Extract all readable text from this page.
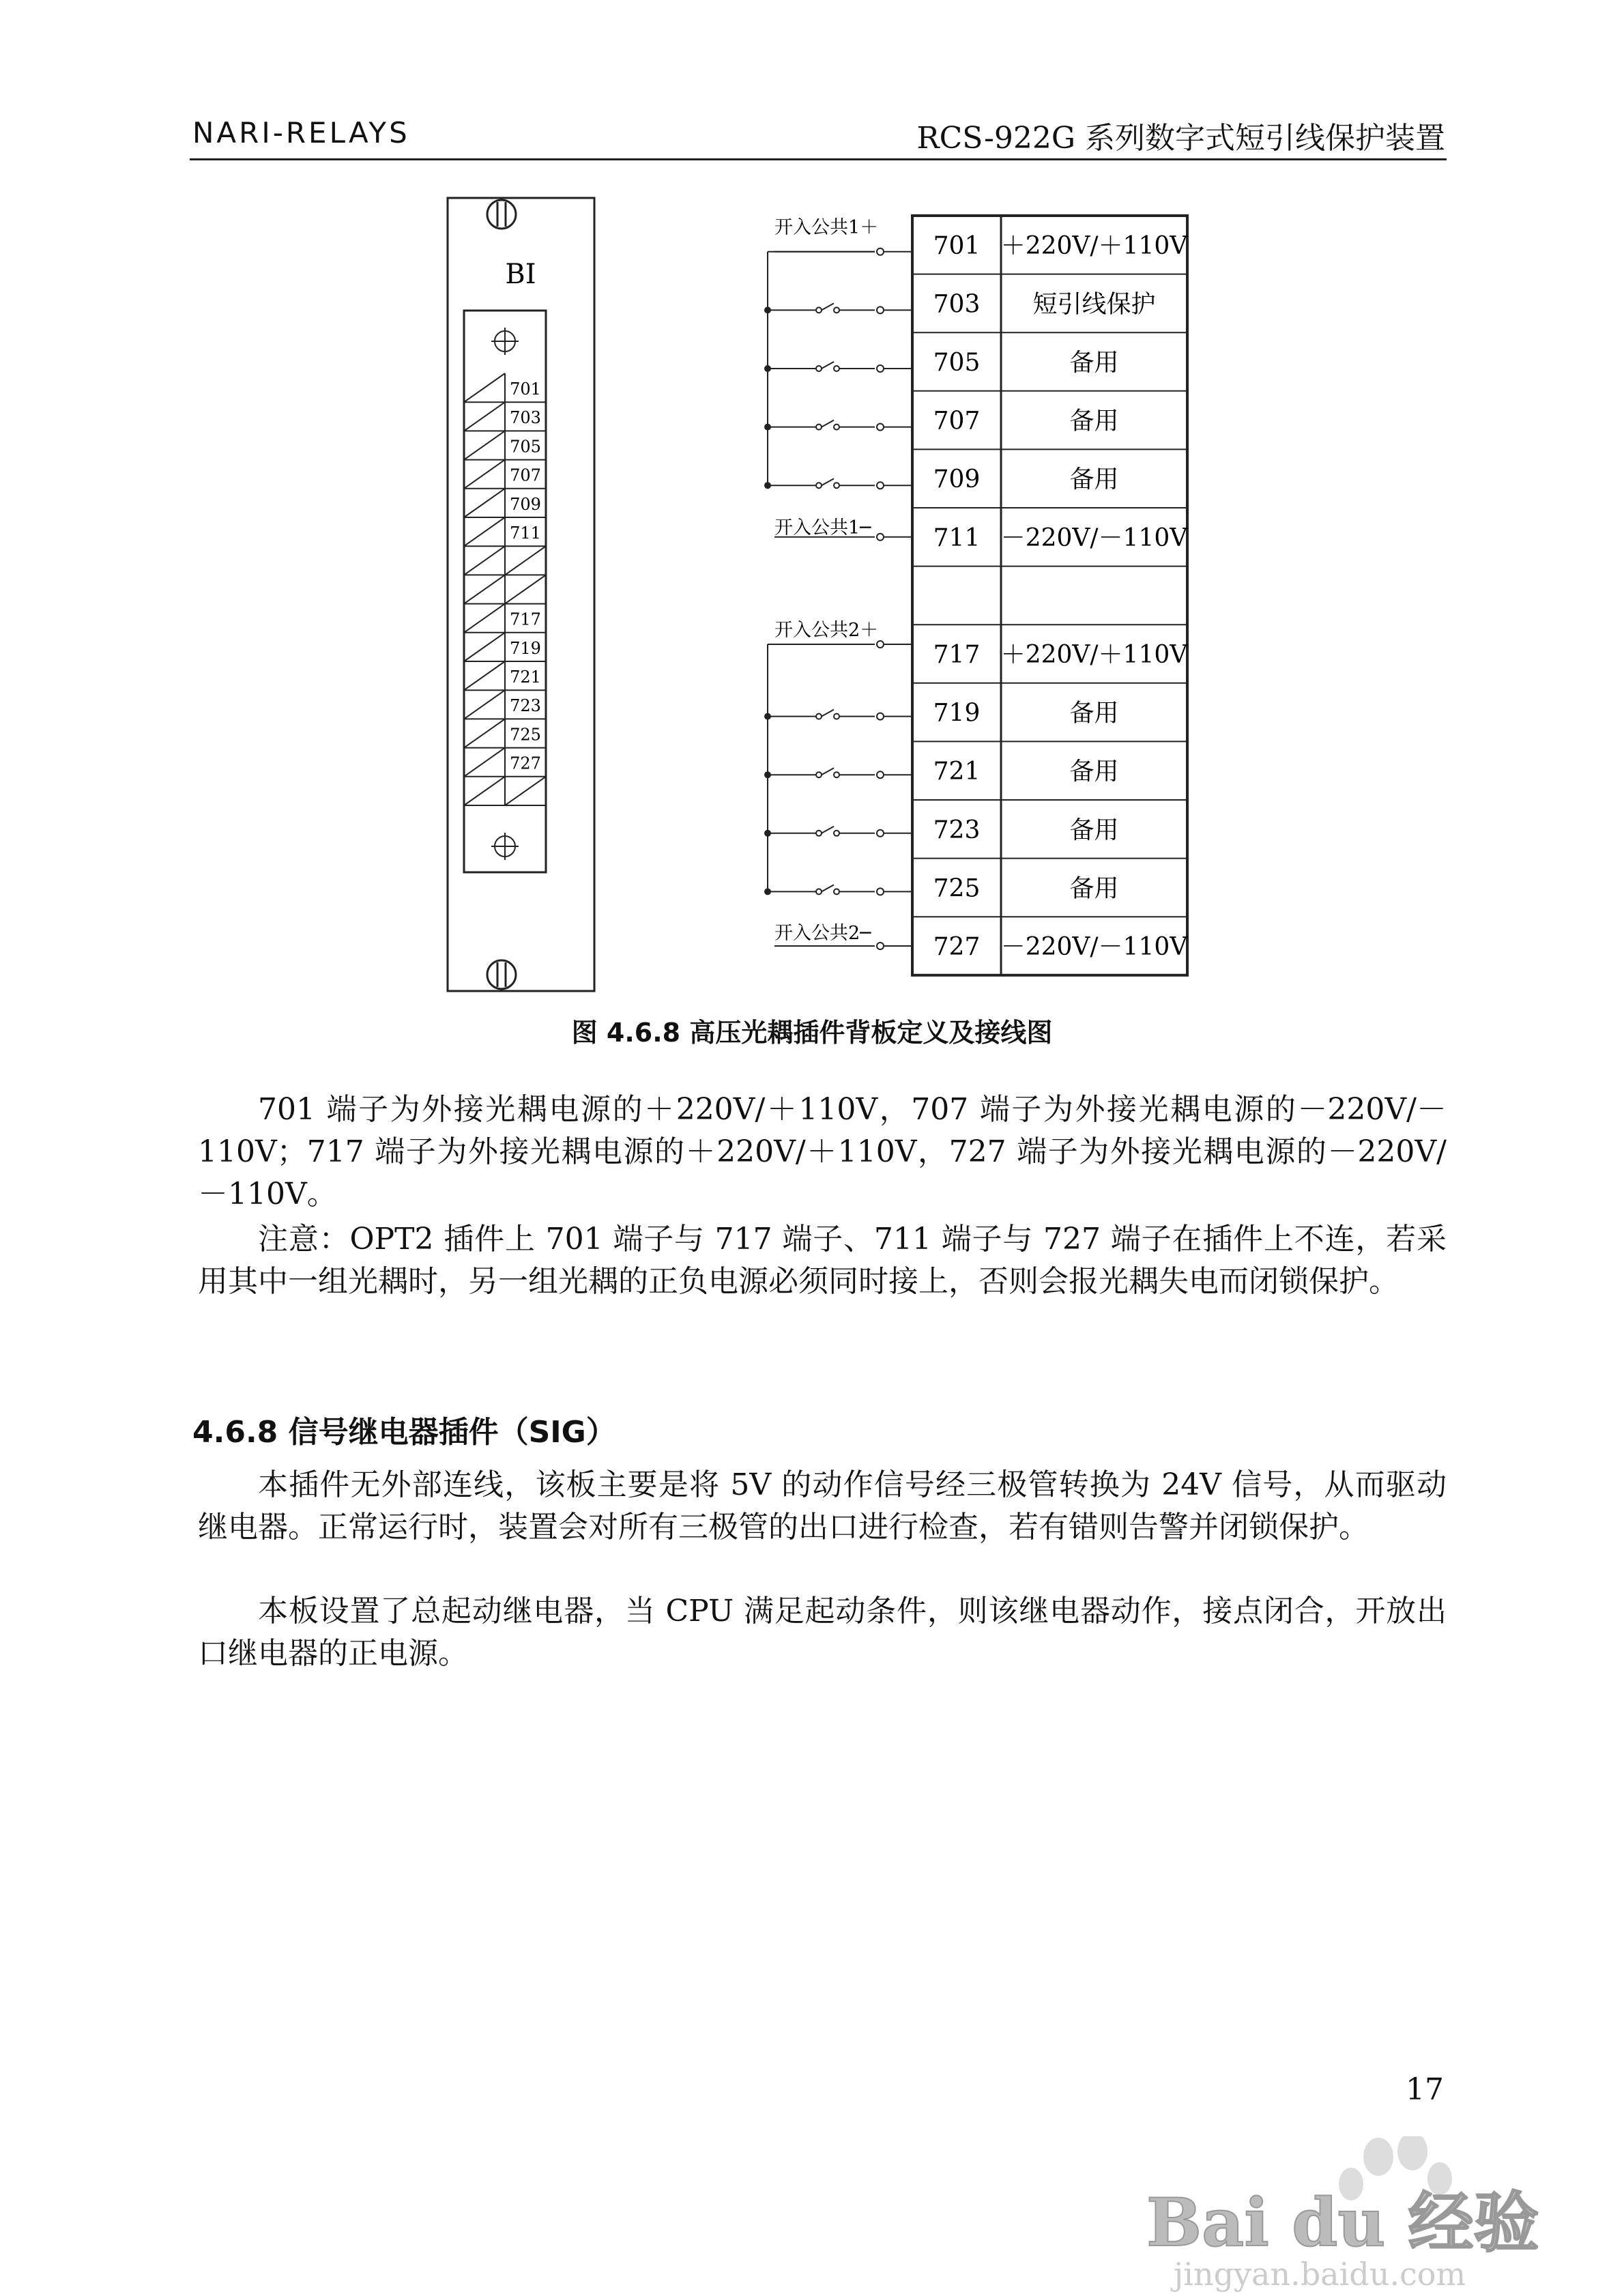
NARI-RELAYS	RCS-922G 系列数字式短引线保护装置
BI
701
703
705
707
709
711
717
719
721
723
725
727
开入公共1＋
开入公共1─
开入公共2＋
开入公共2─
701 ＋220V/＋110V
703 短引线保护
705	备用
707	备用
709	备用
711 －220V/－110V
717 ＋220V/＋110V
719	备用
721	备用
723	备用
725	备用
727 －220V/－110V
图 4.6.8 高压光耦插件背板定义及接线图

701 端子为外接光耦电源的＋220V/＋110V，707 端子为外接光耦电源的－220V/－110V；717 端子为外接光耦电源的＋220V/＋110V，727 端子为外接光耦电源的－220V/－110V。

注意：OPT2 插件上 701 端子与 717 端子、711 端子与 727 端子在插件上不连，若采用其中一组光耦时，另一组光耦的正负电源必须同时接上，否则会报光耦失电而闭锁保护。

4.6.8 信号继电器插件（SIG）

本插件无外部连线，该板主要是将 5V 的动作信号经三极管转换为 24V 信号，从而驱动继电器。正常运行时，装置会对所有三极管的出口进行检查，若有错则告警并闭锁保护。

本板设置了总起动继电器，当 CPU 满足起动条件，则该继电器动作，接点闭合，开放出口继电器的正电源。

17
Bai du 经验
jingyan.baidu.com
